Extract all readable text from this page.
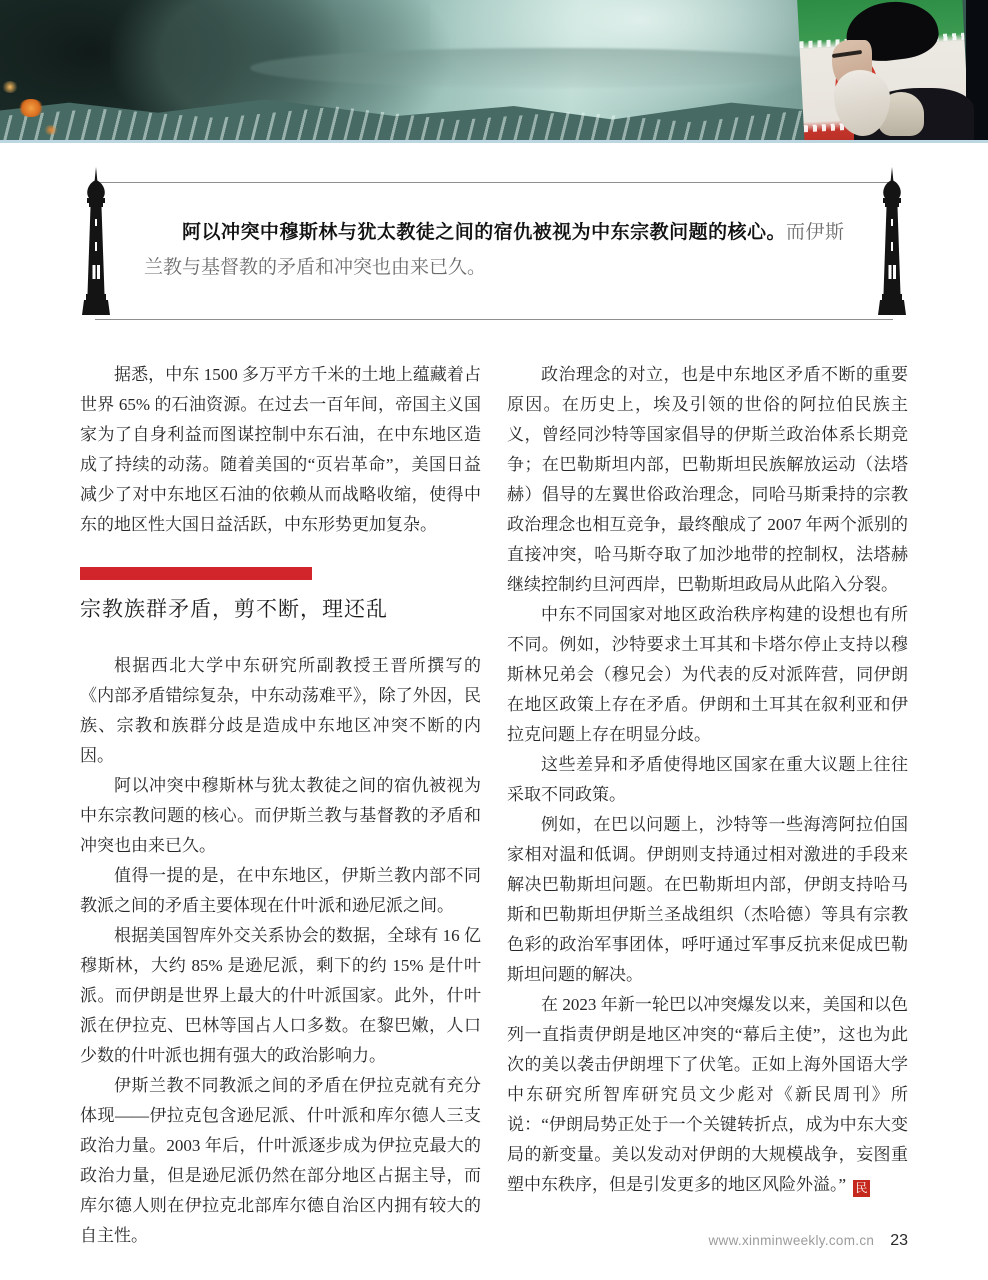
阿以冲突中穆斯林与犹太教徒之间的宿仇被视为中东宗教问题的核心。而伊斯兰教与基督教的矛盾和冲突也由来已久。

据悉，中东 1500 多万平方千米的土地上蕴藏着占世界 65% 的石油资源。在过去一百年间，帝国主义国家为了自身利益而图谋控制中东石油，在中东地区造成了持续的动荡。随着美国的“页岩革命”，美国日益减少了对中东地区石油的依赖从而战略收缩，使得中东的地区性大国日益活跃，中东形势更加复杂。

宗教族群矛盾，剪不断，理还乱

根据西北大学中东研究所副教授王晋所撰写的《内部矛盾错综复杂，中东动荡难平》，除了外因，民族、宗教和族群分歧是造成中东地区冲突不断的内因。

阿以冲突中穆斯林与犹太教徒之间的宿仇被视为中东宗教问题的核心。而伊斯兰教与基督教的矛盾和冲突也由来已久。

值得一提的是，在中东地区，伊斯兰教内部不同教派之间的矛盾主要体现在什叶派和逊尼派之间。

根据美国智库外交关系协会的数据，全球有 16 亿穆斯林，大约 85% 是逊尼派，剩下的约 15% 是什叶派。而伊朗是世界上最大的什叶派国家。此外，什叶派在伊拉克、巴林等国占人口多数。在黎巴嫩，人口少数的什叶派也拥有强大的政治影响力。

伊斯兰教不同教派之间的矛盾在伊拉克就有充分体现——伊拉克包含逊尼派、什叶派和库尔德人三支政治力量。2003 年后，什叶派逐步成为伊拉克最大的政治力量，但是逊尼派仍然在部分地区占据主导，而库尔德人则在伊拉克北部库尔德自治区内拥有较大的自主性。

政治理念的对立，也是中东地区矛盾不断的重要原因。在历史上，埃及引领的世俗的阿拉伯民族主义，曾经同沙特等国家倡导的伊斯兰政治体系长期竞争；在巴勒斯坦内部，巴勒斯坦民族解放运动（法塔赫）倡导的左翼世俗政治理念，同哈马斯秉持的宗教政治理念也相互竞争，最终酿成了 2007 年两个派别的直接冲突，哈马斯夺取了加沙地带的控制权，法塔赫继续控制约旦河西岸，巴勒斯坦政局从此陷入分裂。

中东不同国家对地区政治秩序构建的设想也有所不同。例如，沙特要求土耳其和卡塔尔停止支持以穆斯林兄弟会（穆兄会）为代表的反对派阵营，同伊朗在地区政策上存在矛盾。伊朗和土耳其在叙利亚和伊拉克问题上存在明显分歧。

这些差异和矛盾使得地区国家在重大议题上往往采取不同政策。

例如，在巴以问题上，沙特等一些海湾阿拉伯国家相对温和低调。伊朗则支持通过相对激进的手段来解决巴勒斯坦问题。在巴勒斯坦内部，伊朗支持哈马斯和巴勒斯坦伊斯兰圣战组织（杰哈德）等具有宗教色彩的政治军事团体，呼吁通过军事反抗来促成巴勒斯坦问题的解决。

在 2023 年新一轮巴以冲突爆发以来，美国和以色列一直指责伊朗是地区冲突的“幕后主使”，这也为此次的美以袭击伊朗埋下了伏笔。正如上海外国语大学中东研究所智库研究员文少彪对《新民周刊》所说：“伊朗局势正处于一个关键转折点，成为中东大变局的新变量。美以发动对伊朗的大规模战争，妄图重塑中东秩序，但是引发更多的地区风险外溢。” 民

www.xinminweekly.com.cn 23
